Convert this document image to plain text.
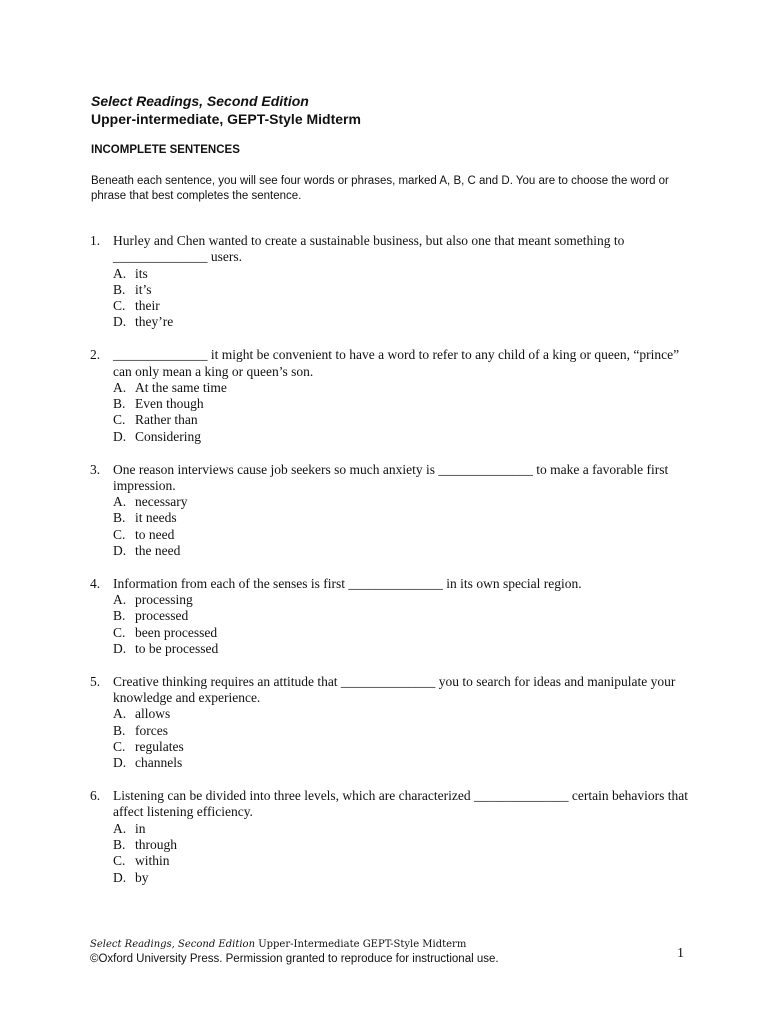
Select Readings, Second Edition
Upper-intermediate, GEPT-Style Midterm
INCOMPLETE SENTENCES

Beneath each sentence, you will see four words or phrases, marked A, B, C and D. You are to choose the word or phrase that best completes the sentence.

1. Hurley and Chen wanted to create a sustainable business, but also one that meant something to ______________ users.
A. its
B. it’s
C. their
D. they’re
2. ______________ it might be convenient to have a word to refer to any child of a king or queen, “prince” can only mean a king or queen’s son.
A. At the same time
B. Even though
C. Rather than
D. Considering
3. One reason interviews cause job seekers so much anxiety is ______________ to make a favorable first impression.
A. necessary
B. it needs
C. to need
D. the need
4. Information from each of the senses is first ______________ in its own special region.
A. processing
B. processed
C. been processed
D. to be processed
5. Creative thinking requires an attitude that ______________ you to search for ideas and manipulate your knowledge and experience.
A. allows
B. forces
C. regulates
D. channels
6. Listening can be divided into three levels, which are characterized ______________ certain behaviors that affect listening efficiency.
A. in
B. through
C. within
D. by
Select Readings, Second Edition Upper-Intermediate GEPT-Style Midterm
©Oxford University Press. Permission granted to reproduce for instructional use.	1
